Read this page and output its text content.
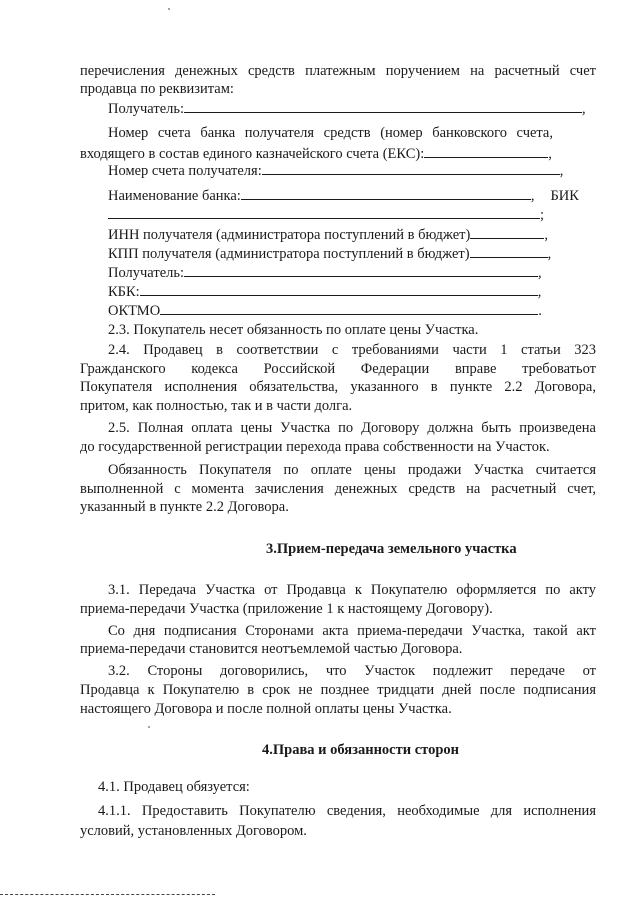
перечисления денежных средств платежным поручением на расчетный счет
продавца по реквизитам:
Получатель:	,
Номер счета банка получателя средств (номер банковского счета,
входящего в состав единого казначейского счета (ЕКС):	,
Номер счета получателя:	,
Наименование банка:	, БИК
;
ИНН получателя (администратора поступлений в бюджет)	,
КПП получателя (администратора поступлений в бюджет)	,
Получатель:	,
КБК:	,
ОКТМО	.
2.3. Покупатель несет обязанность по оплате цены Участка.
2.4. Продавец в соответствии с требованиями части 1 статьи 323
Гражданского кодекса Российской Федерации вправе требоватьот
Покупателя исполнения обязательства, указанного в пункте 2.2 Договора,
притом, как полностью, так и в части долга.
2.5. Полная оплата цены Участка по Договору должна быть произведена
до государственной регистрации перехода права собственности на Участок.
Обязанность Покупателя по оплате цены продажи Участка считается
выполненной с момента зачисления денежных средств на расчетный счет,
указанный в пункте 2.2 Договора.
3.Прием-передача земельного участка
3.1. Передача Участка от Продавца к Покупателю оформляется по акту
приема-передачи Участка (приложение 1 к настоящему Договору).
Со дня подписания Сторонами акта приема-передачи Участка, такой акт
приема-передачи становится неотъемлемой частью Договора.
3.2. Стороны договорились, что Участок подлежит передаче от
Продавца к Покупателю в срок не позднее тридцати дней после подписания
настоящего Договора и после полной оплаты цены Участка.
4.Права и обязанности сторон
4.1. Продавец обязуется:
4.1.1. Предоставить Покупателю сведения, необходимые для исполнения
условий, установленных Договором.
